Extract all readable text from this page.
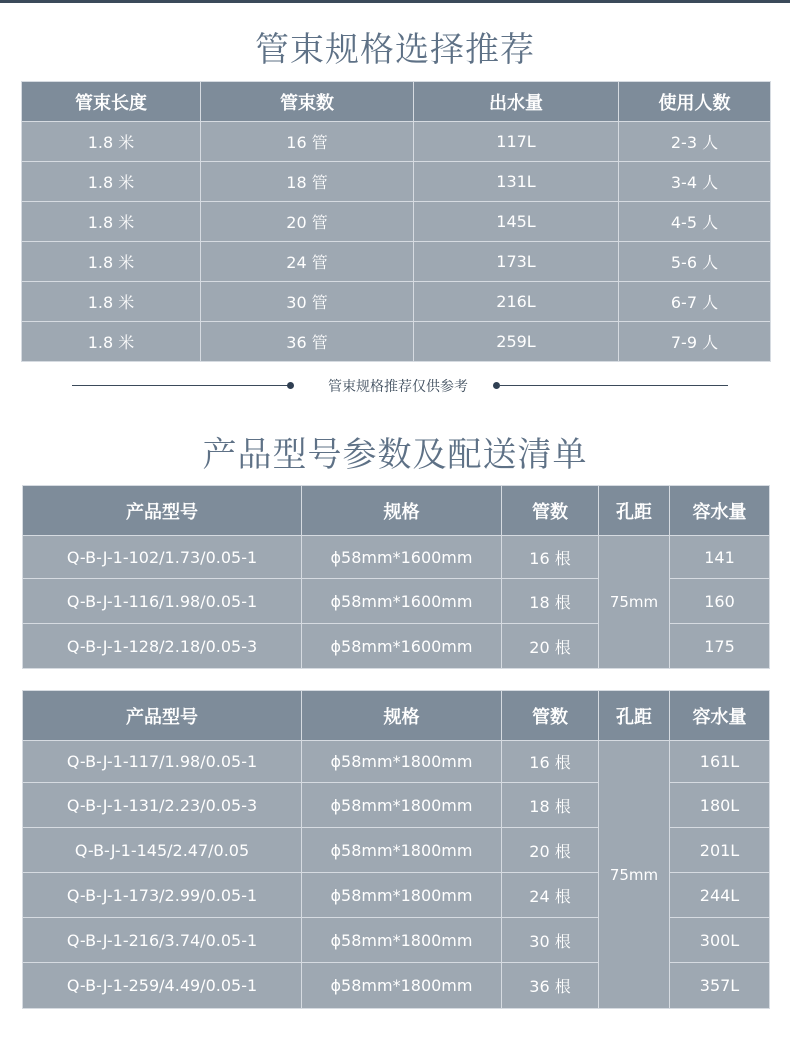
管束规格选择推荐
管束长度	管束数	出水量	使用人数
1.8 米	16 管	117L	2-3 人
1.8 米	18 管	131L	3-4 人
1.8 米	20 管	145L	4-5 人
1.8 米	24 管	173L	5-6 人
1.8 米	30 管	216L	6-7 人
1.8 米	36 管	259L	7-9 人
管束规格推荐仅供参考
产品型号参数及配送清单
产品型号	规格	管数	孔距	容水量
Q-B-J-1-102/1.73/0.05-1	ϕ58mm*1600mm	16 根	75mm	141
Q-B-J-1-116/1.98/0.05-1	ϕ58mm*1600mm	18 根		160
Q-B-J-1-128/2.18/0.05-3	ϕ58mm*1600mm	20 根		175
产品型号	规格	管数	孔距	容水量
Q-B-J-1-117/1.98/0.05-1	ϕ58mm*1800mm	16 根	75mm	161L
Q-B-J-1-131/2.23/0.05-3	ϕ58mm*1800mm	18 根		180L
Q-B-J-1-145/2.47/0.05	ϕ58mm*1800mm	20 根		201L
Q-B-J-1-173/2.99/0.05-1	ϕ58mm*1800mm	24 根		244L
Q-B-J-1-216/3.74/0.05-1	ϕ58mm*1800mm	30 根		300L
Q-B-J-1-259/4.49/0.05-1	ϕ58mm*1800mm	36 根		357L
